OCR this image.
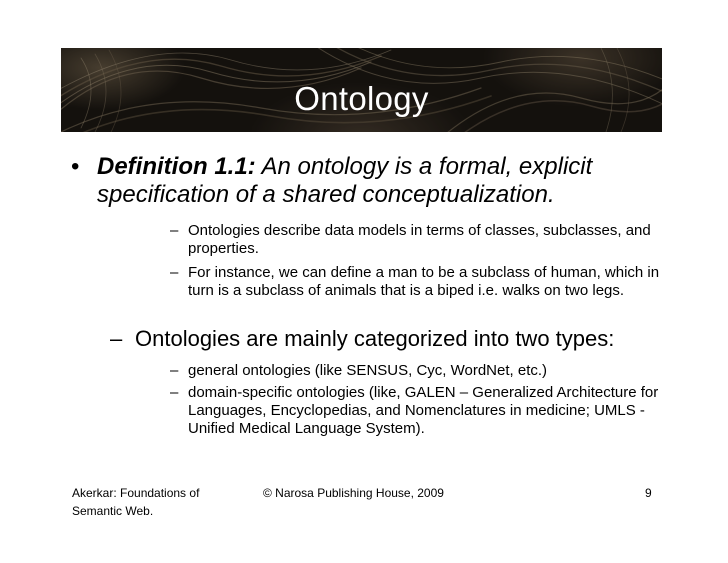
Ontology
• Definition 1.1: An ontology is a formal, explicit specification of a shared conceptualization.
– Ontologies describe data models in terms of classes, subclasses, and properties.
– For instance, we can define a man to be a subclass of human, which in turn is a subclass of animals that is a biped i.e. walks on two legs.
– Ontologies are mainly categorized into two types:
– general ontologies (like SENSUS, Cyc, WordNet, etc.)
– domain-specific ontologies (like, GALEN – Generalized Architecture for Languages, Encyclopedias, and Nomenclatures in medicine; UMLS - Unified Medical Language System).
Akerkar: Foundations of Semantic Web.
© Narosa Publishing House, 2009	9
